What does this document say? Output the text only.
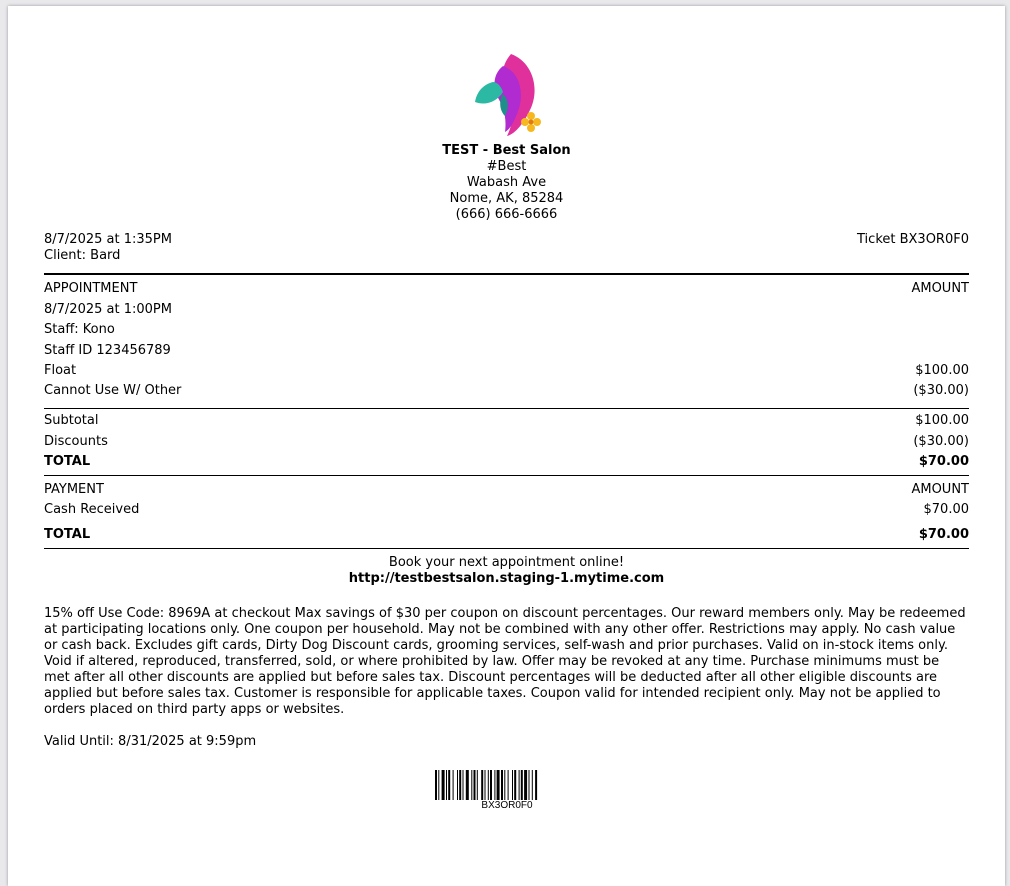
TEST - Best Salon
#Best
Wabash Ave
Nome, AK, 85284
(666) 666-6666
8/7/2025 at 1:35PM
Client: Bard
Ticket BX3OR0F0
APPOINTMENT	AMOUNT
8/7/2025 at 1:00PM
Staff: Kono
Staff ID 123456789
Float	$100.00
Cannot Use W/ Other	($30.00)
Subtotal	$100.00
Discounts	($30.00)
TOTAL	$70.00
PAYMENT	AMOUNT
Cash Received	$70.00
TOTAL	$70.00
Book your next appointment online!
http://testbestsalon.staging-1.mytime.com
15% off Use Code: 8969A at checkout Max savings of $30 per coupon on discount percentages. Our reward members only. May be redeemed at participating locations only. One coupon per household. May not be combined with any other offer. Restrictions may apply. No cash value or cash back. Excludes gift cards, Dirty Dog Discount cards, grooming services, self-wash and prior purchases. Valid on in-stock items only. Void if altered, reproduced, transferred, sold, or where prohibited by law. Offer may be revoked at any time. Purchase minimums must be met after all other discounts are applied but before sales tax. Discount percentages will be deducted after all other eligible discounts are applied but before sales tax. Customer is responsible for applicable taxes. Coupon valid for intended recipient only. May not be applied to orders placed on third party apps or websites.
Valid Until: 8/31/2025 at 9:59pm
BX3OR0F0
